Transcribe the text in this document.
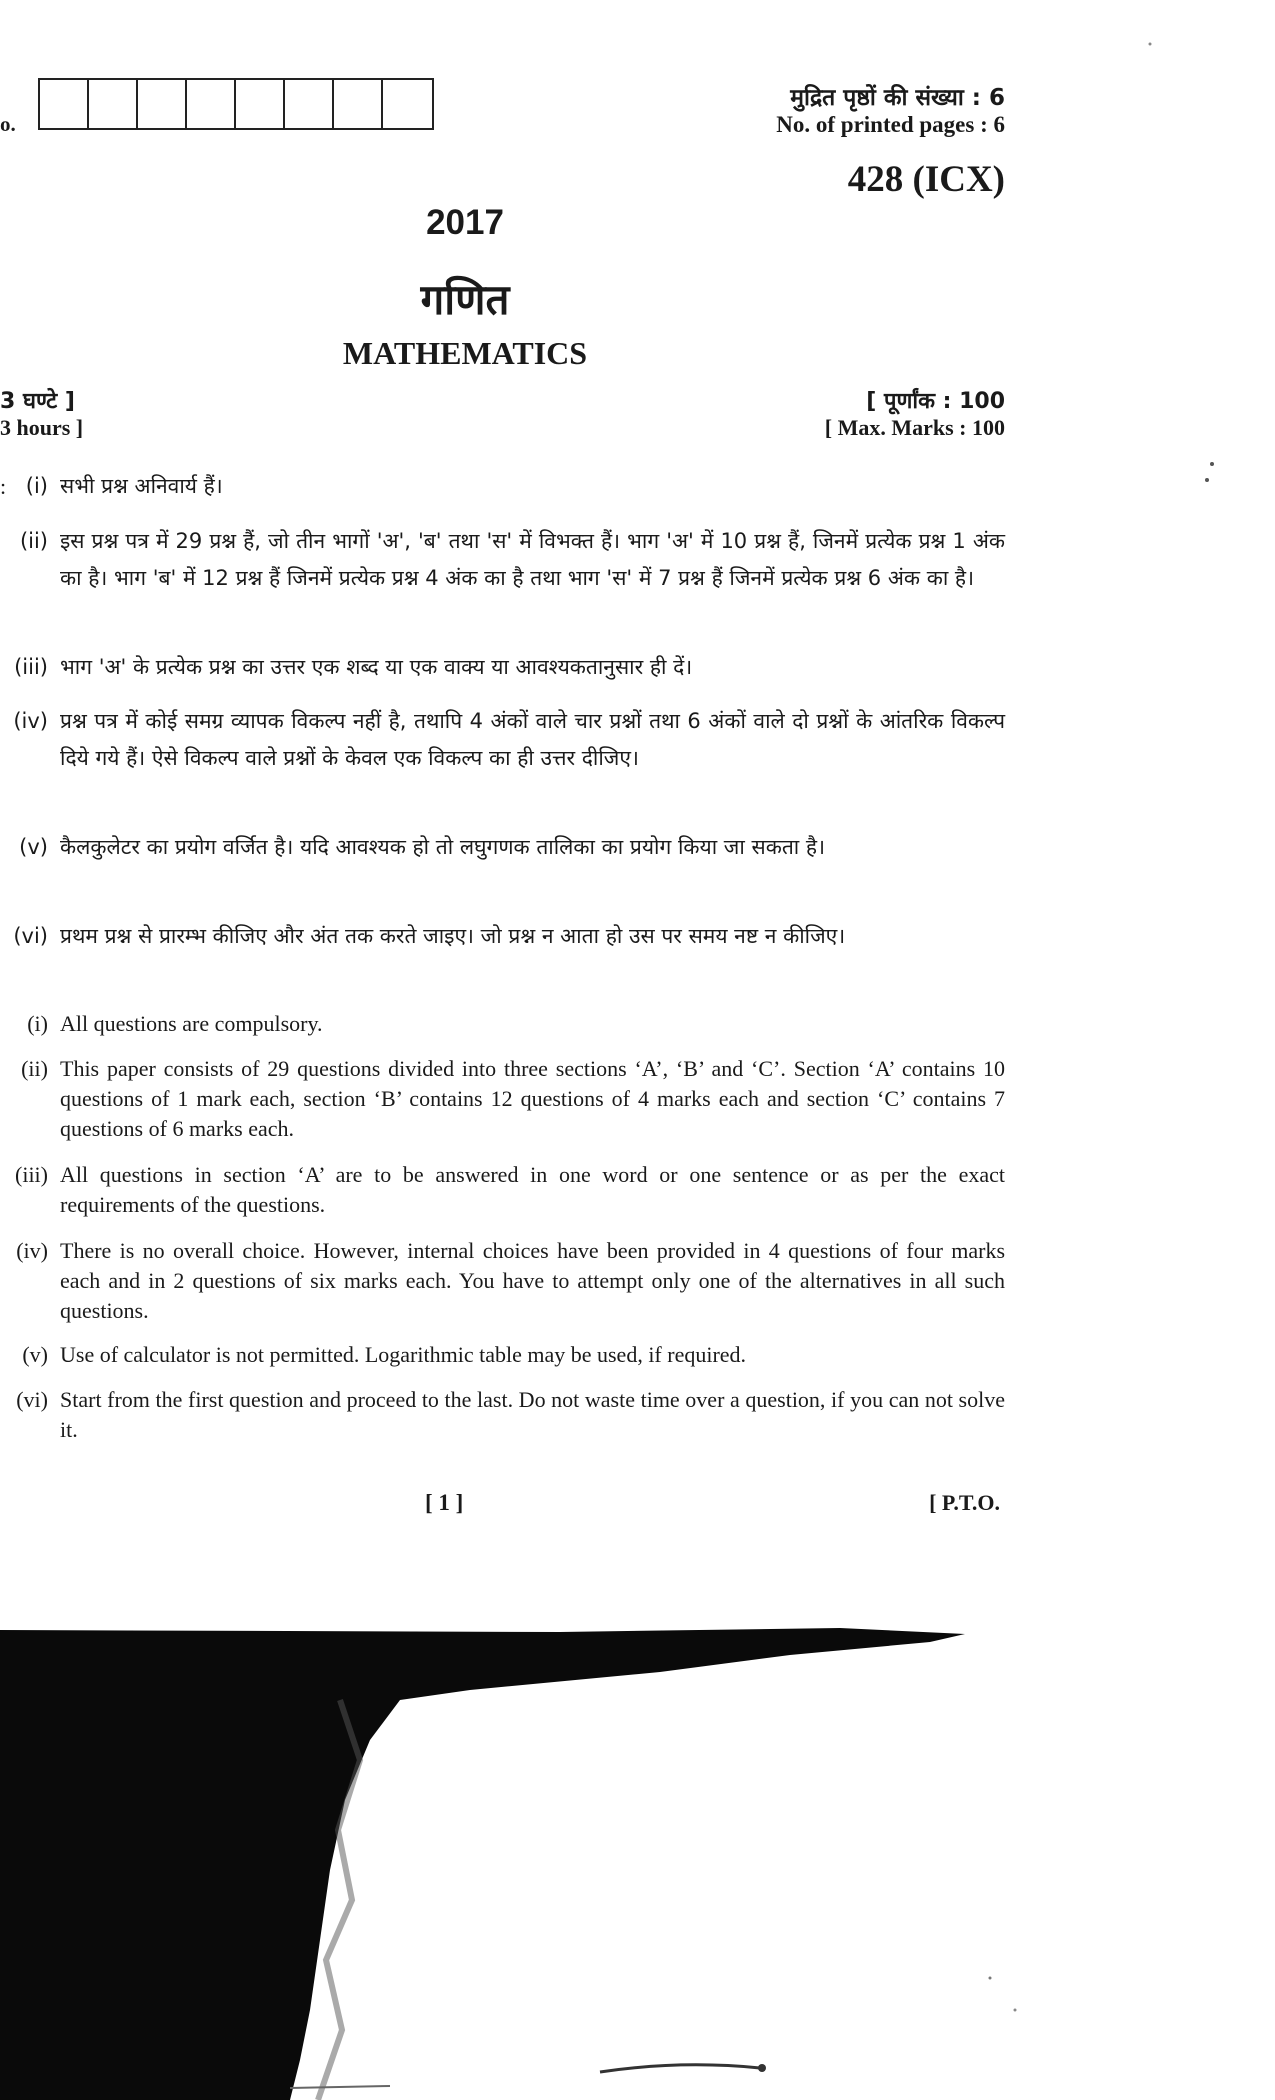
o.
मुद्रित पृष्ठों की संख्या : 6
No. of printed pages : 6
428 (ICX)
2017
गणित
MATHEMATICS
3 घण्टे ]
3 hours ]
[ पूर्णांक : 100
[ Max. Marks : 100
: (i) सभी प्रश्न अनिवार्य हैं।
(ii) इस प्रश्न पत्र में 29 प्रश्न हैं, जो तीन भागों 'अ', 'ब' तथा 'स' में विभक्त हैं। भाग 'अ' में 10 प्रश्न हैं, जिनमें प्रत्येक प्रश्न 1 अंक का है। भाग 'ब' में 12 प्रश्न हैं जिनमें प्रत्येक प्रश्न 4 अंक का है तथा भाग 'स' में 7 प्रश्न हैं जिनमें प्रत्येक प्रश्न 6 अंक का है।
(iii) भाग 'अ' के प्रत्येक प्रश्न का उत्तर एक शब्द या एक वाक्य या आवश्यकतानुसार ही दें।
(iv) प्रश्न पत्र में कोई समग्र व्यापक विकल्प नहीं है, तथापि 4 अंकों वाले चार प्रश्नों तथा 6 अंकों वाले दो प्रश्नों के आंतरिक विकल्प दिये गये हैं। ऐसे विकल्प वाले प्रश्नों के केवल एक विकल्प का ही उत्तर दीजिए।
(v) कैलकुलेटर का प्रयोग वर्जित है। यदि आवश्यक हो तो लघुगणक तालिका का प्रयोग किया जा सकता है।
(vi) प्रथम प्रश्न से प्रारम्भ कीजिए और अंत तक करते जाइए। जो प्रश्न न आता हो उस पर समय नष्ट न कीजिए।
(i) All questions are compulsory.
(ii) This paper consists of 29 questions divided into three sections ‘A’, ‘B’ and ‘C’. Section ‘A’ contains 10 questions of 1 mark each, section ‘B’ contains 12 questions of 4 marks each and section ‘C’ contains 7 questions of 6 marks each.
(iii) All questions in section ‘A’ are to be answered in one word or one sentence or as per the exact requirements of the questions.
(iv) There is no overall choice. However, internal choices have been provided in 4 questions of four marks each and in 2 questions of six marks each. You have to attempt only one of the alternatives in all such questions.
(v) Use of calculator is not permitted. Logarithmic table may be used, if required.
(vi) Start from the first question and proceed to the last. Do not waste time over a question, if you can not solve it.
[ 1 ]	[ P.T.O.
